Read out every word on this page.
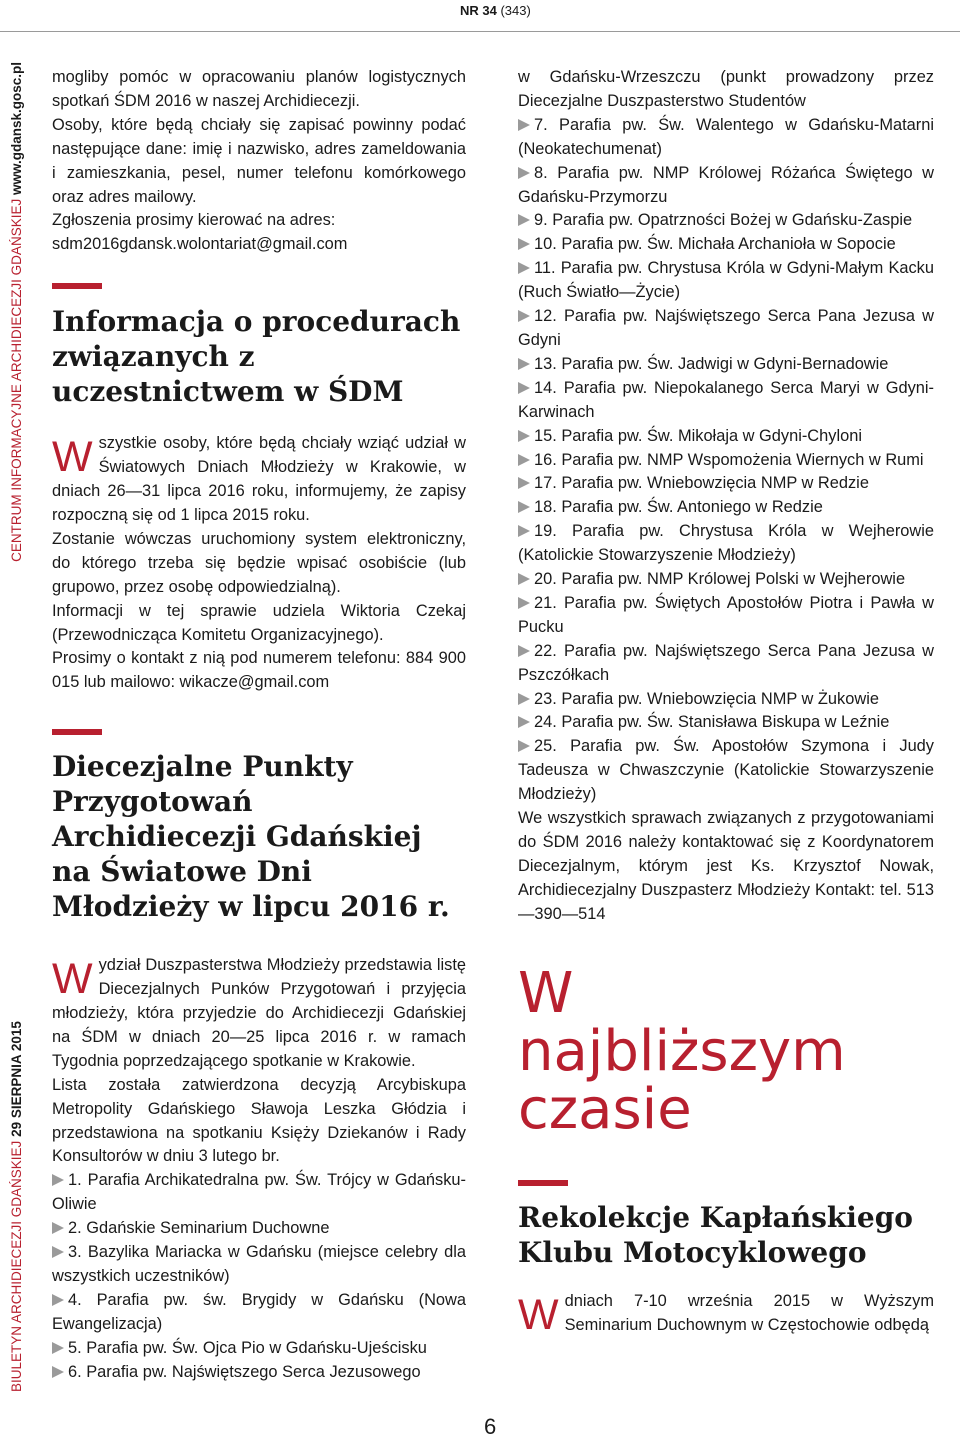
NR 34 (343)
BIULETYN ARCHIDIECEZJI GDAŃSKIEJ 29 SIERPNIA 2015
CENTRUM INFORMACYJNE ARCHIDIECEZJI GDAŃSKIEJ www.gdansk.gosc.pl	mogliby pomóc w opracowaniu planów logistycznych spotkań ŚDM 2016 w naszej Archidiecezji.

Osoby, które będą chciały się zapisać powinny podać następujące dane: imię i nazwisko, adres zameldowania i zamieszkania, pesel, numer telefonu komórkowego oraz adres mailowy.

Zgłoszenia prosimy kierować na adres: sdm2016gdansk.wolontariat@gmail.com

Informacja o procedurach związanych z uczestnictwem w ŚDM
W szystkie osoby, które będą chciały wziąć udział w Światowych Dniach Młodzieży w Krakowie, w dniach 26—31 lipca 2016 roku, informujemy, że zapisy rozpoczną się od 1 lipca 2015 roku.

Zostanie wówczas uruchomiony system elektroniczny, do którego trzeba się będzie wpisać osobiście (lub grupowo, przez osobę odpowiedzialną).

Informacji w tej sprawie udziela Wiktoria Czekaj (Przewodnicząca Komitetu Organizacyjnego).

Prosimy o kontakt z nią pod numerem telefonu: 884 900 015 lub mailowo: wikacze@gmail.com

Diecezjalne Punkty Przygotowań Archidiecezji Gdańskiej na Światowe Dni Młodzieży w lipcu 2016 r.
W ydział Duszpasterstwa Młodzieży przedstawia listę Diecezjalnych Punków Przygotowań i przyjęcia młodzieży, która przyjedzie do Archidiecezji Gdańskiej na ŚDM w dniach 20—25 lipca 2016 r. w ramach Tygodnia poprzedzającego spotkanie w Krakowie.

Lista została zatwierdzona decyzją Arcybiskupa Metropolity Gdańskiego Sławoja Leszka Głódzia i przedstawiona na spotkaniu Księży Dziekanów i Rady Konsultorów w dniu 3 lutego br.

1. Parafia Archikatedralna pw. Św. Trójcy w Gdańsku-Oliwie

2. Gdańskie Seminarium Duchowne

3. Bazylika Mariacka w Gdańsku (miejsce celebry dla wszystkich uczestników)

4. Parafia pw. św. Brygidy w Gdańsku (Nowa Ewangelizacja)

5. Parafia pw. Św. Ojca Pio w Gdańsku-Ujeścisku

6. Parafia pw. Najświętszego Serca Jezusowego

w Gdańsku-Wrzeszczu (punkt prowadzony przez Diecezjalne Duszpasterstwo Studentów

7. Parafia pw. Św. Walentego w Gdańsku-Matarni (Neokatechumenat)

8. Parafia pw. NMP Królowej Różańca Świętego w Gdańsku-Przymorzu

9. Parafia pw. Opatrzności Bożej w Gdańsku-Zaspie

10. Parafia pw. Św. Michała Archanioła w Sopocie

11. Parafia pw. Chrystusa Króla w Gdyni-Małym Kacku (Ruch Światło—Życie)

12. Parafia pw. Najświętszego Serca Pana Jezusa w Gdyni

13. Parafia pw. Św. Jadwigi w Gdyni-Bernadowie

14. Parafia pw. Niepokalanego Serca Maryi w Gdyni-Karwinach

15. Parafia pw. Św. Mikołaja w Gdyni-Chyloni

16. Parafia pw. NMP Wspomożenia Wiernych w Rumi

17. Parafia pw. Wniebowzięcia NMP w Redzie

18. Parafia pw. Św. Antoniego w Redzie

19. Parafia pw. Chrystusa Króla w Wejherowie (Katolickie Stowarzyszenie Młodzieży)

20. Parafia pw. NMP Królowej Polski w Wejherowie

21. Parafia pw. Świętych Apostołów Piotra i Pawła w Pucku

22. Parafia pw. Najświętszego Serca Pana Jezusa w Pszczółkach

23. Parafia pw. Wniebowzięcia NMP w Żukowie

24. Parafia pw. Św. Stanisława Biskupa w Leźnie

25. Parafia pw. Św. Apostołów Szymona i Judy Tadeusza w Chwaszczynie (Katolickie Stowarzyszenie Młodzieży)

We wszystkich sprawach związanych z przygotowaniami do ŚDM 2016 należy kontaktować się z Koordynatorem Diecezjalnym, którym jest Ks. Krzysztof Nowak, Archidiecezjalny Duszpasterz Młodzieży Kontakt: tel. 513—390—514

W najbliższym czasie
Rekolekcje Kapłańskiego Klubu Motocyklowego
W dniach 7-10 września 2015 w Wyższym Seminarium Duchownym w Częstochowie odbędą

6
